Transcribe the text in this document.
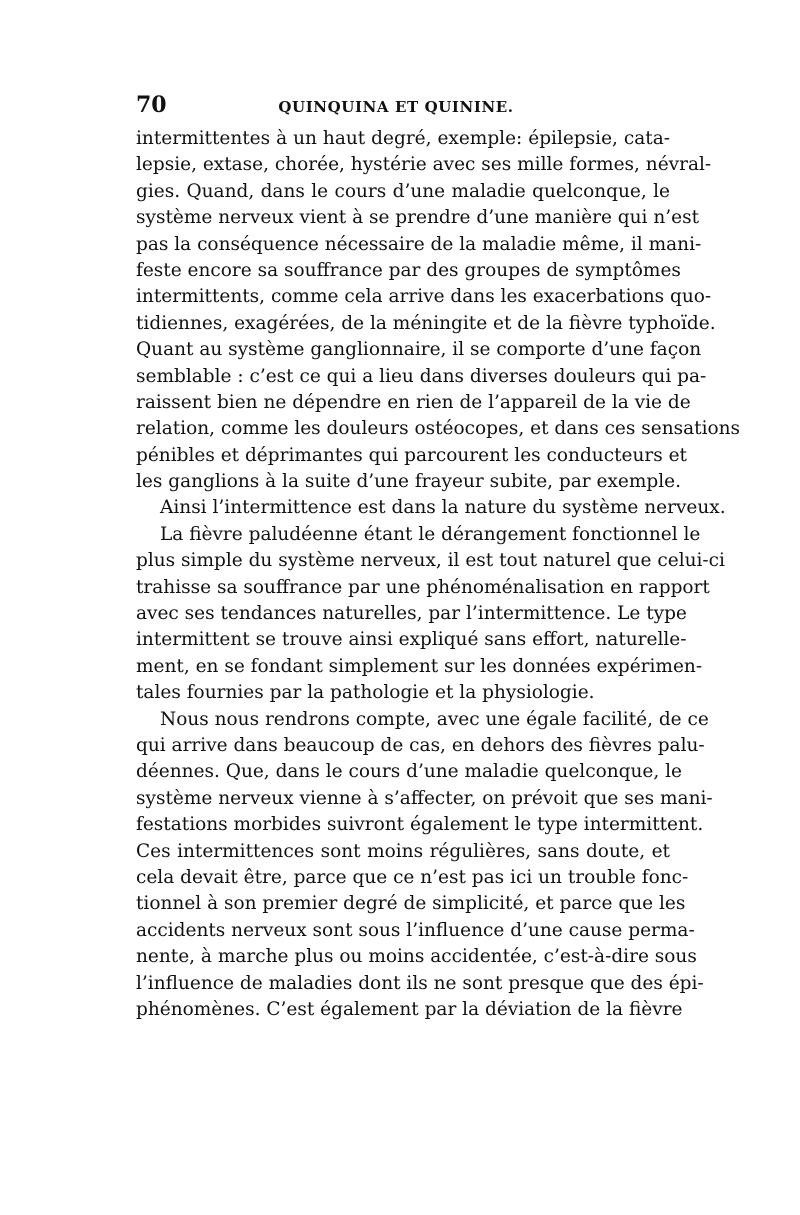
70	QUINQUINA ET QUININE.
intermittentes à un haut degré, exemple: épilepsie, cata-
lepsie, extase, chorée, hystérie avec ses mille formes, névral-
gies. Quand, dans le cours d’une maladie quelconque, le
système nerveux vient à se prendre d’une manière qui n’est
pas la conséquence nécessaire de la maladie même, il mani-
feste encore sa souffrance par des groupes de symptômes
intermittents, comme cela arrive dans les exacerbations quo-
tidiennes, exagérées, de la méningite et de la fièvre typhoïde.
Quant au système ganglionnaire, il se comporte d’une façon
semblable : c’est ce qui a lieu dans diverses douleurs qui pa-
raissent bien ne dépendre en rien de l’appareil de la vie de
relation, comme les douleurs ostéocopes, et dans ces sensations
pénibles et déprimantes qui parcourent les conducteurs et
les ganglions à la suite d’une frayeur subite, par exemple.
Ainsi l’intermittence est dans la nature du système nerveux.
La fièvre paludéenne étant le dérangement fonctionnel le
plus simple du système nerveux, il est tout naturel que celui-ci
trahisse sa souffrance par une phénoménalisation en rapport
avec ses tendances naturelles, par l’intermittence. Le type
intermittent se trouve ainsi expliqué sans effort, naturelle-
ment, en se fondant simplement sur les données expérimen-
tales fournies par la pathologie et la physiologie.
Nous nous rendrons compte, avec une égale facilité, de ce
qui arrive dans beaucoup de cas, en dehors des fièvres palu-
déennes. Que, dans le cours d’une maladie quelconque, le
système nerveux vienne à s’affecter, on prévoit que ses mani-
festations morbides suivront également le type intermittent.
Ces intermittences sont moins régulières, sans doute, et
cela devait être, parce que ce n’est pas ici un trouble fonc-
tionnel à son premier degré de simplicité, et parce que les
accidents nerveux sont sous l’influence d’une cause perma-
nente, à marche plus ou moins accidentée, c’est-à-dire sous
l’influence de maladies dont ils ne sont presque que des épi-
phénomènes. C’est également par la déviation de la fièvre
